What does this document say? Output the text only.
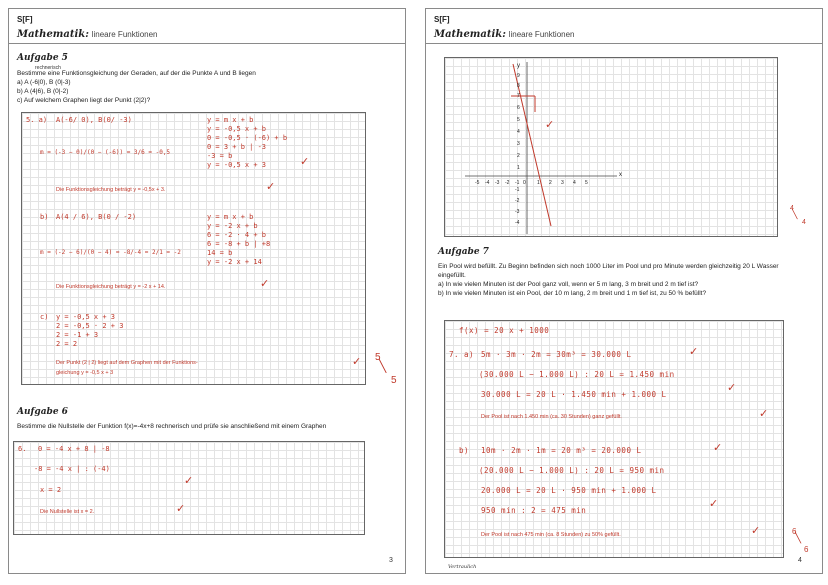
S[F]
Mathematik: lineare Funktionen
Aufgabe 5
rechnerisch
Bestimme eine Funktionsgleichung der Geraden, auf der die Punkte A und B liegen
a) A (-6|0), B (0|-3)
b) A (4|6), B (0|-2)
c) Auf welchem Graphen liegt der Punkt (2|2)?
5. a) A(-6/ 0), B(0/ -3)
m = (-3 − 0)/(0 − (-6)) = 3/6 = -0,5
y = m x + b
y = -0,5 x + b
0 = -0,5 · (-6) + b
0 = 3 + b | -3
-3 = b
y = -0,5 x + 3	✓
Die Funktionsgleichung beträgt y = -0,5x + 3.	✓
b) A(4 / 6), B(0 / -2)
m = (-2 − 6)/(0 − 4) = -8/-4 = 2/1 = -2
y = m x + b
y = -2 x + b
6 = -2 · 4 + b
6 = -8 + b | +8
14 = b
y = -2 x + 14
Die Funktionsgleichung beträgt y = -2 x + 14.	✓
c) y = -0,5 x + 3
2 = -0,5 · 2 + 3
2 = -1 + 3
2 = 2
Der Punkt (2 | 2) liegt auf dem Graphen mit der Funktions-
gleichung y = -0,5 x + 3
✓ 5
╲
5
Aufgabe 6
Bestimme die Nullstelle der Funktion f(x)=-4x+8 rechnerisch und prüfe sie anschließend mit einem Graphen
6. 0 = -4 x + 8 | -8
-8 = -4 x | : (-4)
✓
x = 2
Die Nullstelle ist x = 2.	✓
3
S[F]
Mathematik: lineare Funktionen
y
x
9
8
7
6
5
4
3
2
1
-1
-2
-3
-4
-5 -4 -3 -2 -1 0 1 2 3 4 5
✓
4
╲
4
Aufgabe 7
Ein Pool wird befüllt. Zu Beginn befinden sich noch 1000 Liter im Pool und pro Minute werden gleichzeitig 20 L Wasser
eingefüllt.
a) In wie vielen Minuten ist der Pool ganz voll, wenn er 5 m lang, 3 m breit und 2 m tief ist?
b) In wie vielen Minuten ist ein Pool, der 10 m lang, 2 m breit und 1 m tief ist, zu 50 % befüllt?
f(x) = 20 x + 1000
7. a) 5m · 3m · 2m = 30m³ = 30.000 L	✓
(30.000 L − 1.000 L) : 20 L = 1.450 min
30.000 L = 20 L · 1.450 min + 1.000 L
✓
Der Pool ist nach 1.450 min (ca. 30 Stunden) ganz gefüllt.	✓
b) 10m · 2m · 1m = 20 m³ = 20.000 L	✓
(20.000 L − 1.000 L) : 20 L = 950 min
20.000 L = 20 L · 950 min + 1.000 L
✓
950 min : 2 = 475 min
Der Pool ist nach 475 min (ca. 8 Stunden) zu 50% gefüllt.	✓	6
╲
6
Vertraulich
4
